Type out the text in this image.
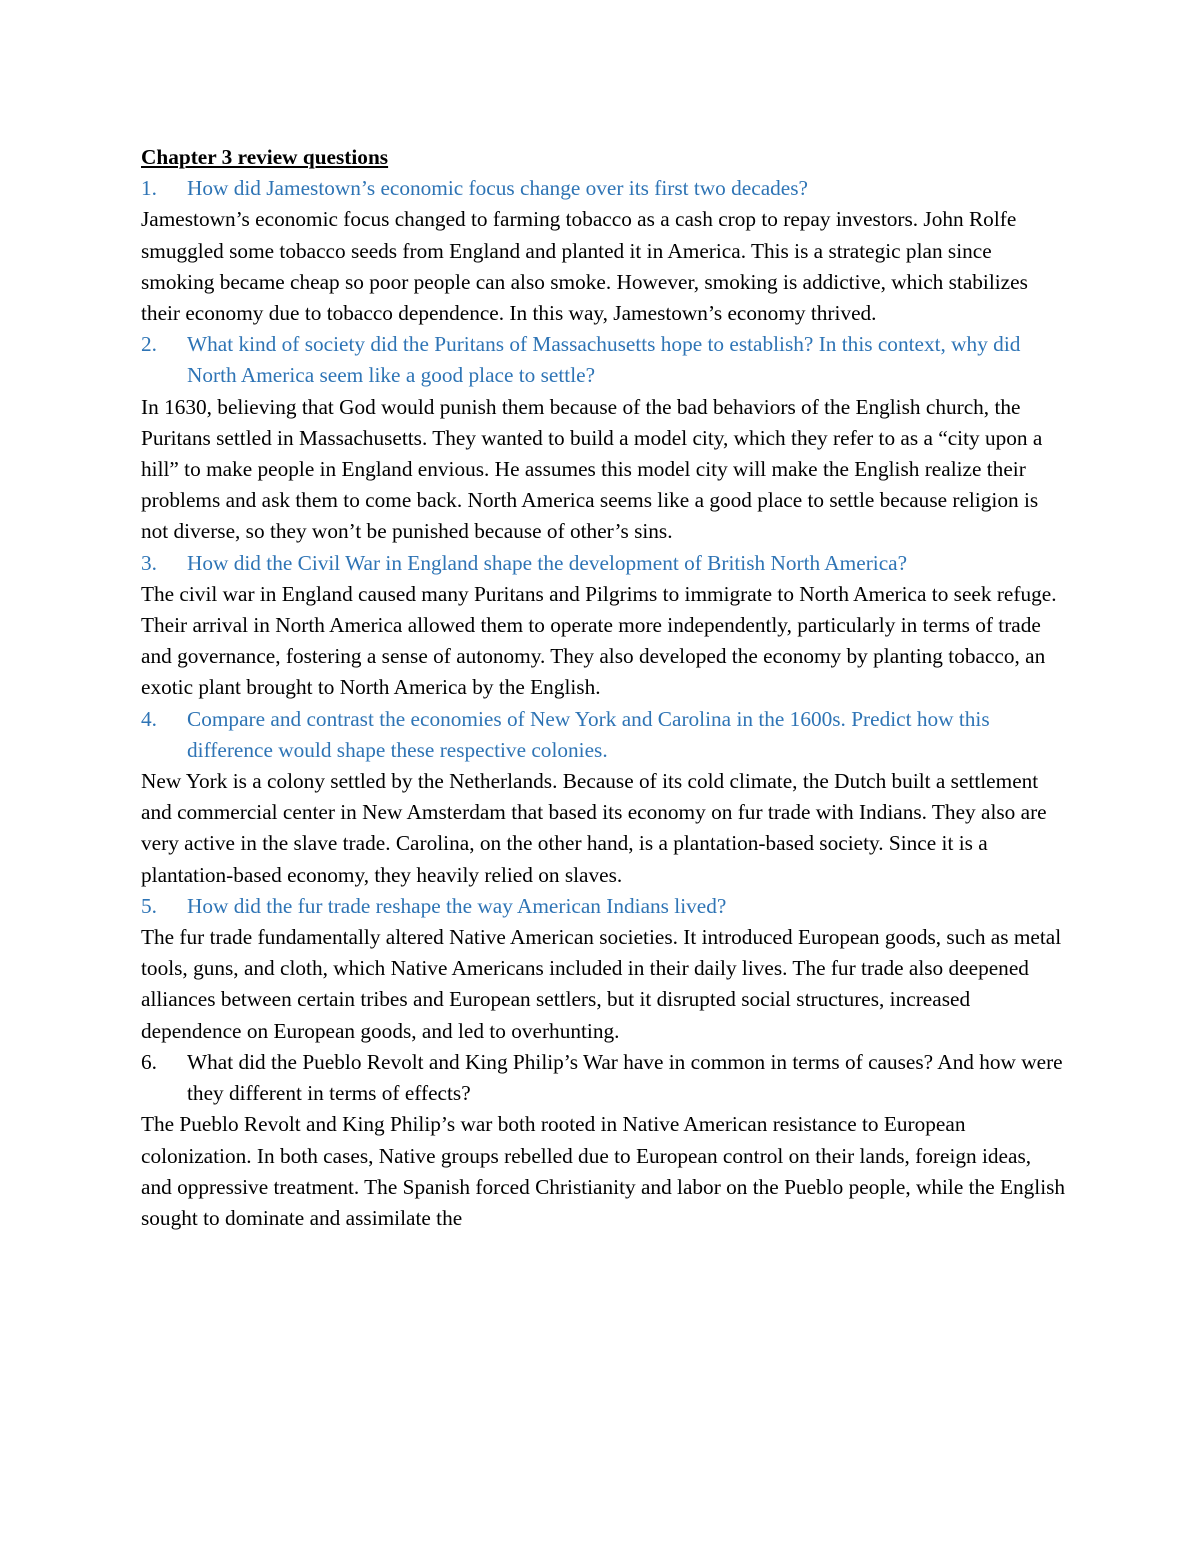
Chapter 3 review questions

1.	How did Jamestown’s economic focus change over its first two decades?

Jamestown’s economic focus changed to farming tobacco as a cash crop to repay investors. John Rolfe smuggled some tobacco seeds from England and planted it in America. This is a strategic plan since smoking became cheap so poor people can also smoke. However, smoking is addictive, which stabilizes their economy due to tobacco dependence. In this way, Jamestown’s economy thrived.

2.	What kind of society did the Puritans of Massachusetts hope to establish? In this context, why did North America seem like a good place to settle?

In 1630, believing that God would punish them because of the bad behaviors of the English church, the Puritans settled in Massachusetts. They wanted to build a model city, which they refer to as a “city upon a hill” to make people in England envious. He assumes this model city will make the English realize their problems and ask them to come back. North America seems like a good place to settle because religion is not diverse, so they won’t be punished because of other’s sins.

3.	How did the Civil War in England shape the development of British North America?

The civil war in England caused many Puritans and Pilgrims to immigrate to North America to seek refuge. Their arrival in North America allowed them to operate more independently, particularly in terms of trade and governance, fostering a sense of autonomy. They also developed the economy by planting tobacco, an exotic plant brought to North America by the English.

4.	Compare and contrast the economies of New York and Carolina in the 1600s. Predict how this difference would shape these respective colonies.

New York is a colony settled by the Netherlands. Because of its cold climate, the Dutch built a settlement and commercial center in New Amsterdam that based its economy on fur trade with Indians. They also are very active in the slave trade. Carolina, on the other hand, is a plantation-based society. Since it is a plantation-based economy, they heavily relied on slaves.

5.	How did the fur trade reshape the way American Indians lived?

The fur trade fundamentally altered Native American societies. It introduced European goods, such as metal tools, guns, and cloth, which Native Americans included in their daily lives. The fur trade also deepened alliances between certain tribes and European settlers, but it disrupted social structures, increased dependence on European goods, and led to overhunting.

6.	What did the Pueblo Revolt and King Philip’s War have in common in terms of causes? And how were they different in terms of effects?

The Pueblo Revolt and King Philip’s war both rooted in Native American resistance to European colonization. In both cases, Native groups rebelled due to European control on their lands, foreign ideas, and oppressive treatment. The Spanish forced Christianity and labor on the Pueblo people, while the English sought to dominate and assimilate the
